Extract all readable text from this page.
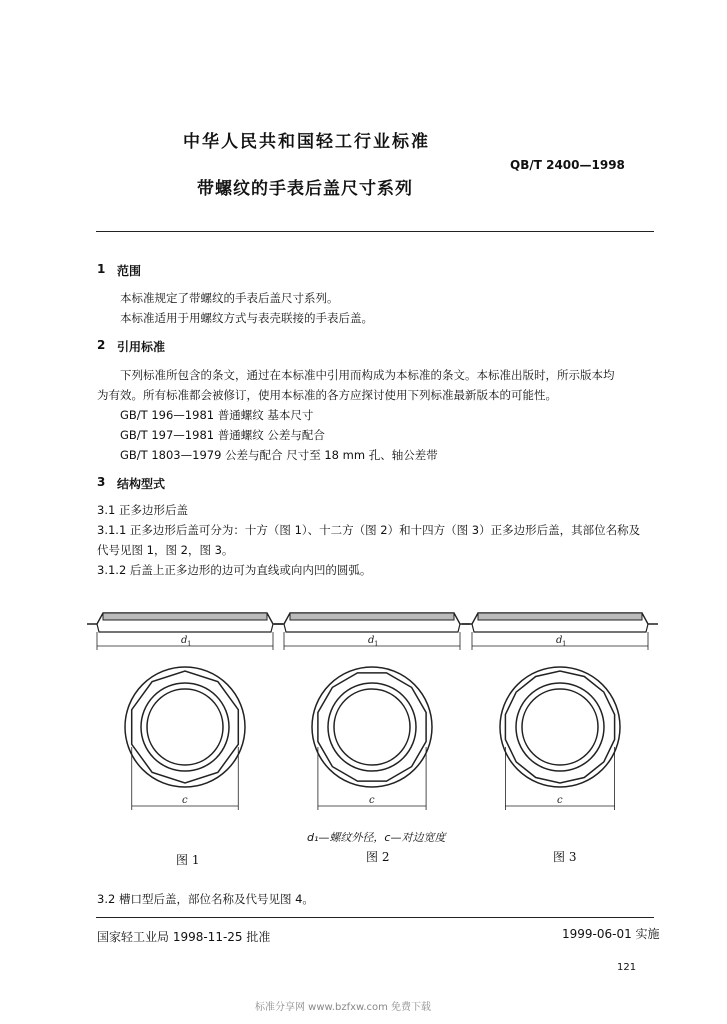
中华人民共和国轻工行业标准
QB/T 2400—1998
带螺纹的手表后盖尺寸系列
1 范围
本标准规定了带螺纹的手表后盖尺寸系列。
本标准适用于用螺纹方式与表壳联接的手表后盖。
2 引用标准
下列标准所包含的条文，通过在本标准中引用而构成为本标准的条文。本标准出版时，所示版本均
为有效。所有标准都会被修订，使用本标准的各方应探讨使用下列标准最新版本的可能性。
GB/T 196—1981 普通螺纹 基本尺寸
GB/T 197—1981 普通螺纹 公差与配合
GB/T 1803—1979 公差与配合 尺寸至 18 mm 孔、轴公差带
3 结构型式
3.1 正多边形后盖
3.1.1 正多边形后盖可分为：十方（图 1）、十二方（图 2）和十四方（图 3）正多边形后盖，其部位名称及
代号见图 1，图 2，图 3。
3.1.2 后盖上正多边形的边可为直线或向内凹的圆弧。
d 1
c
d 1
c
d 1
c
d₁—螺纹外径，c—对边宽度
图 1	图 2	图 3
3.2 槽口型后盖，部位名称及代号见图 4。
国家轻工业局 1998-11-25 批准	1999-06-01 实施
121
标准分享网 www.bzfxw.com 免费下载
